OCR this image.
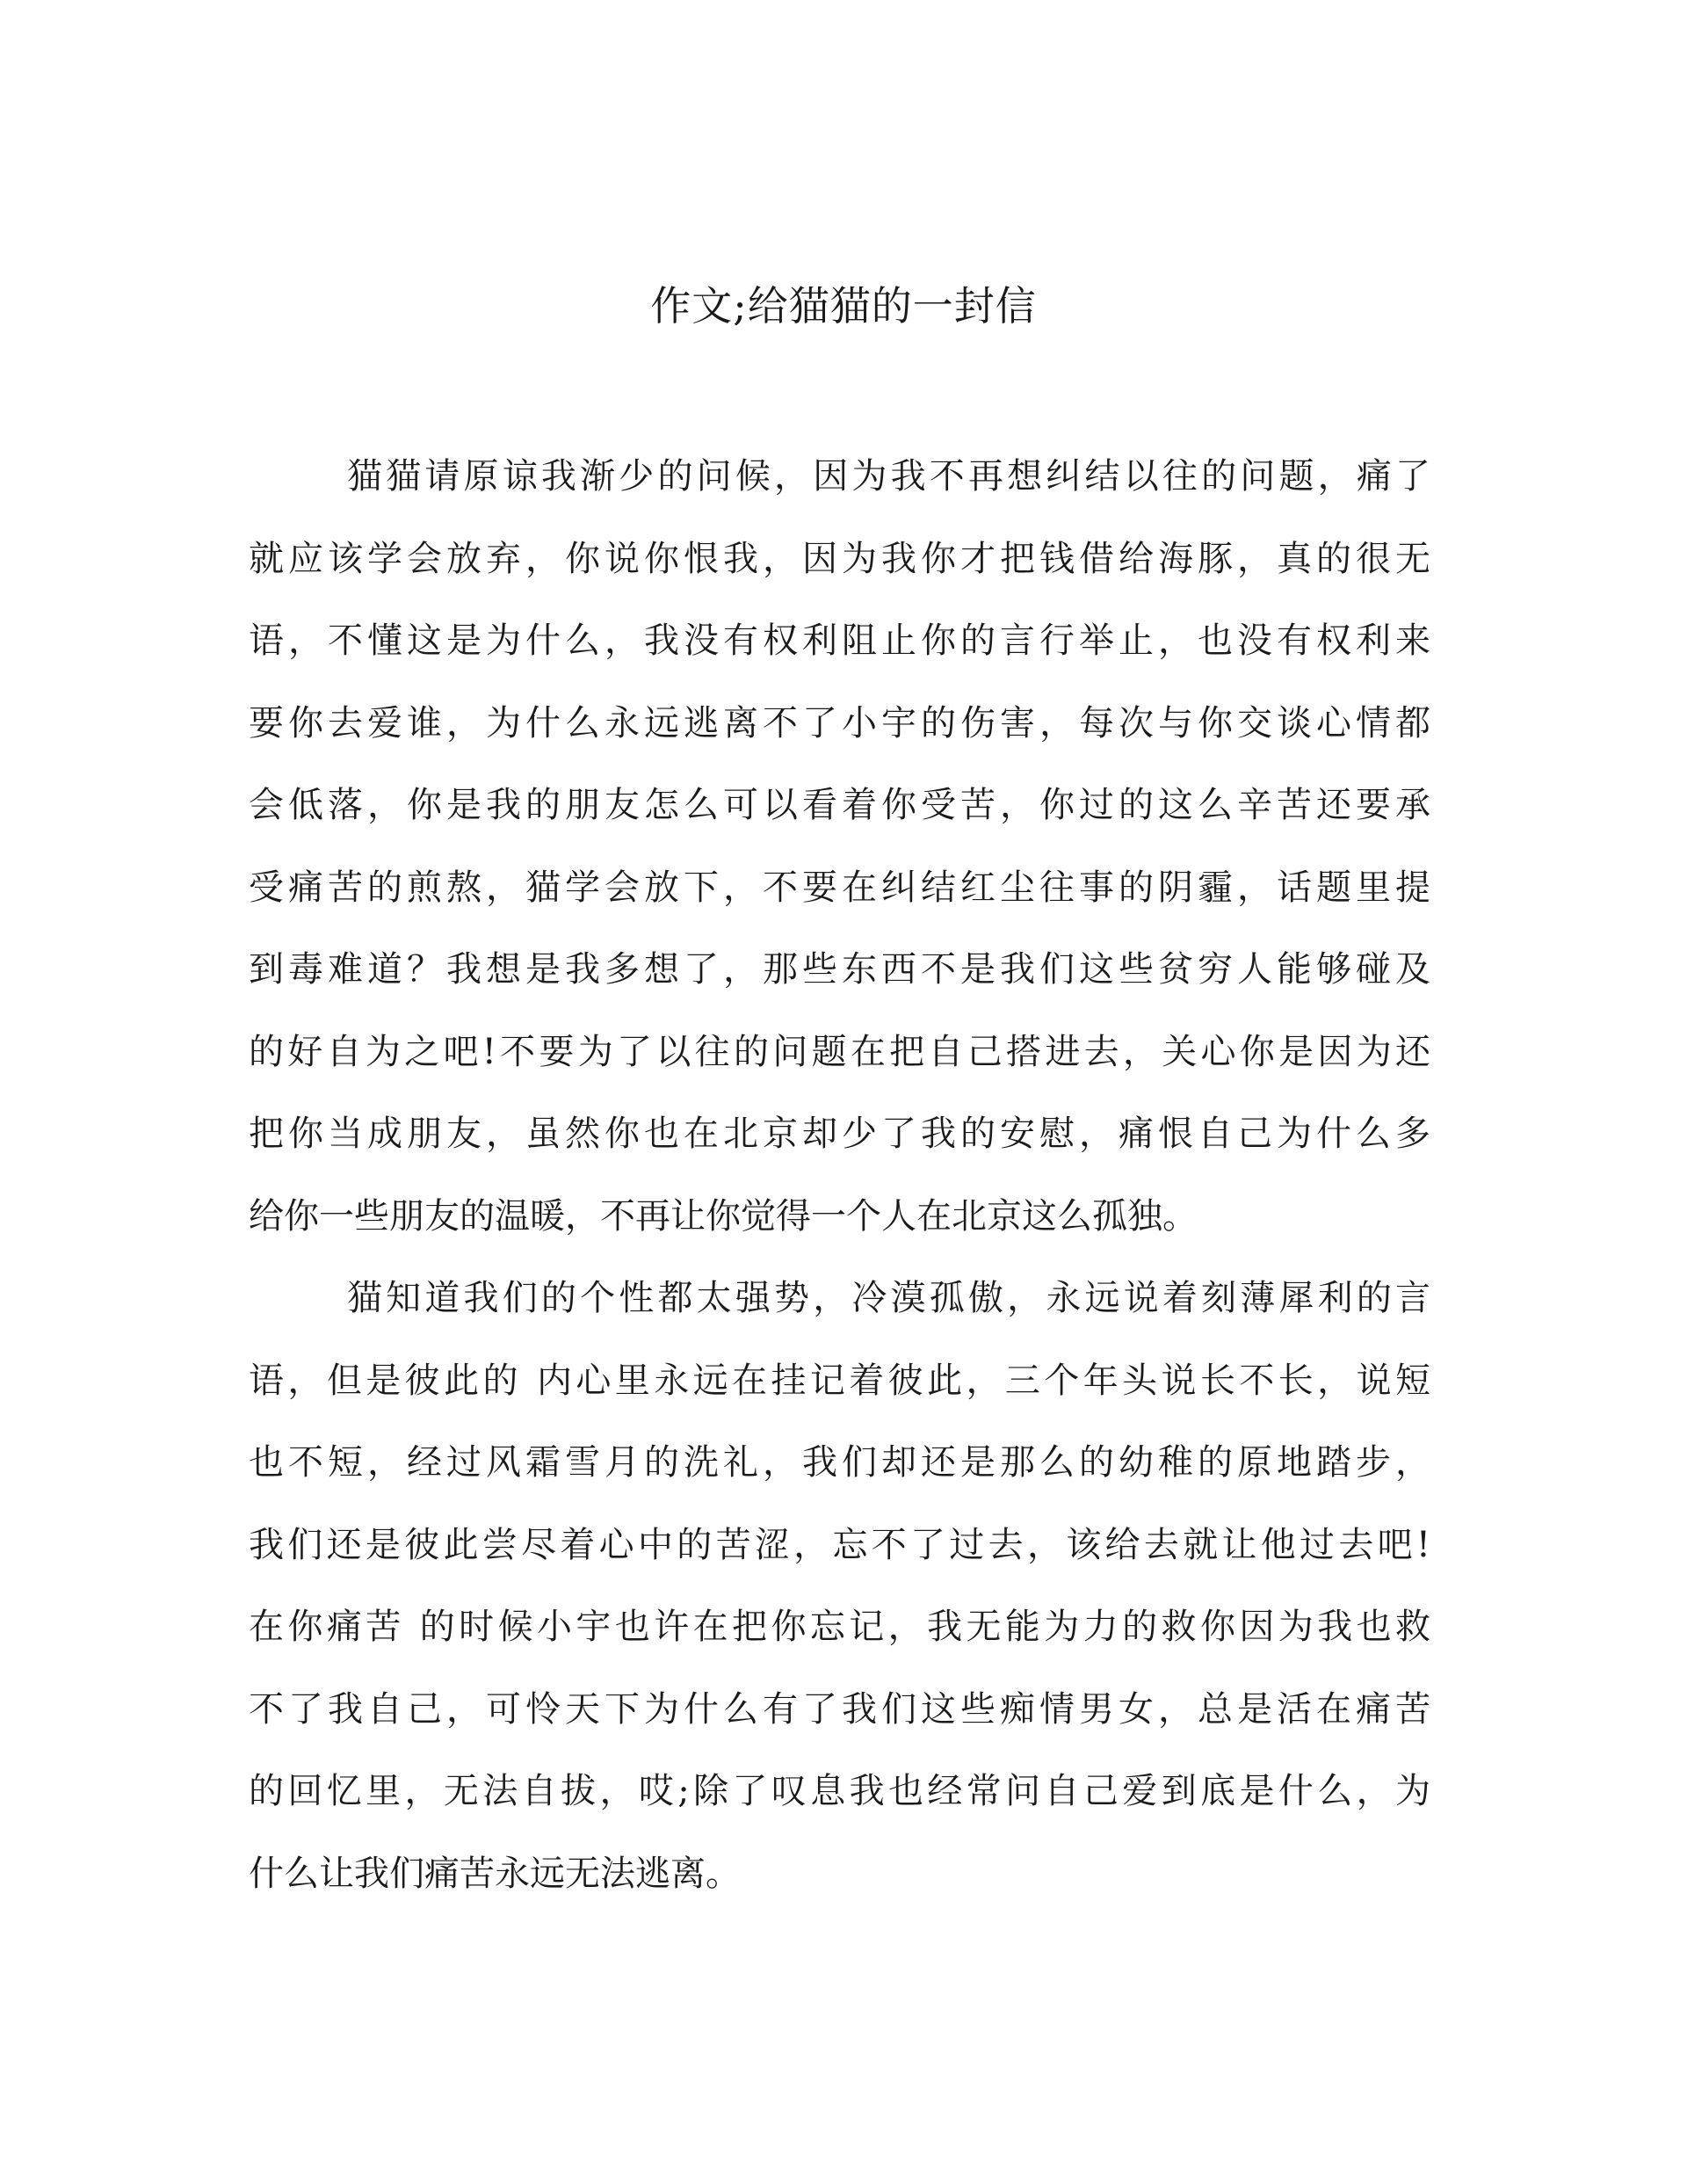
作文;给猫猫的一封信
猫猫请原谅我渐少的问候，因为我不再想纠结以往的问题，痛了
就应该学会放弃，你说你恨我，因为我你才把钱借给海豚，真的很无
语，不懂这是为什么，我没有权利阻止你的言行举止，也没有权利来
要你去爱谁，为什么永远逃离不了小宇的伤害，每次与你交谈心情都
会低落，你是我的朋友怎么可以看着你受苦，你过的这么辛苦还要承
受痛苦的煎熬，猫学会放下，不要在纠结红尘往事的阴霾，话题里提
到毒难道？我想是我多想了，那些东西不是我们这些贫穷人能够碰及
的好自为之吧!不要为了以往的问题在把自己搭进去，关心你是因为还
把你当成朋友，虽然你也在北京却少了我的安慰，痛恨自己为什么多
给你一些朋友的温暖，不再让你觉得一个人在北京这么孤独。
猫知道我们的个性都太强势，冷漠孤傲，永远说着刻薄犀利的言
语，但是彼此的 内心里永远在挂记着彼此，三个年头说长不长，说短
也不短，经过风霜雪月的洗礼，我们却还是那么的幼稚的原地踏步，
我们还是彼此尝尽着心中的苦涩，忘不了过去，该给去就让他过去吧!
在你痛苦 的时候小宇也许在把你忘记，我无能为力的救你因为我也救
不了我自己，可怜天下为什么有了我们这些痴情男女，总是活在痛苦
的回忆里，无法自拔，哎;除了叹息我也经常问自己爱到底是什么，为
什么让我们痛苦永远无法逃离。
